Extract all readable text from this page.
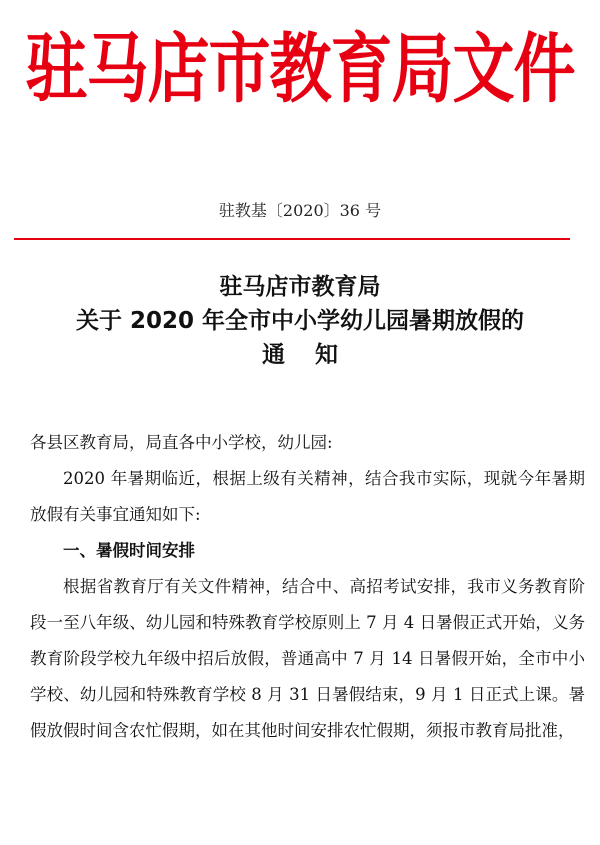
驻马店市教育局文件
驻教基〔2020〕36 号
驻马店市教育局
关于 2020 年全市中小学幼儿园暑期放假的
通知

各县区教育局，局直各中小学校，幼儿园:

2020 年暑期临近，根据上级有关精神，结合我市实际，现就今年暑期放假有关事宜通知如下:

一、暑假时间安排

根据省教育厅有关文件精神，结合中、高招考试安排，我市义务教育阶段一至八年级、幼儿园和特殊教育学校原则上 7 月 4 日暑假正式开始，义务教育阶段学校九年级中招后放假，普通高中 7 月 14 日暑假开始，全市中小学校、幼儿园和特殊教育学校 8 月 31 日暑假结束，9 月 1 日正式上课。暑假放假时间含农忙假期，如在其他时间安排农忙假期，须报市教育局批准，
